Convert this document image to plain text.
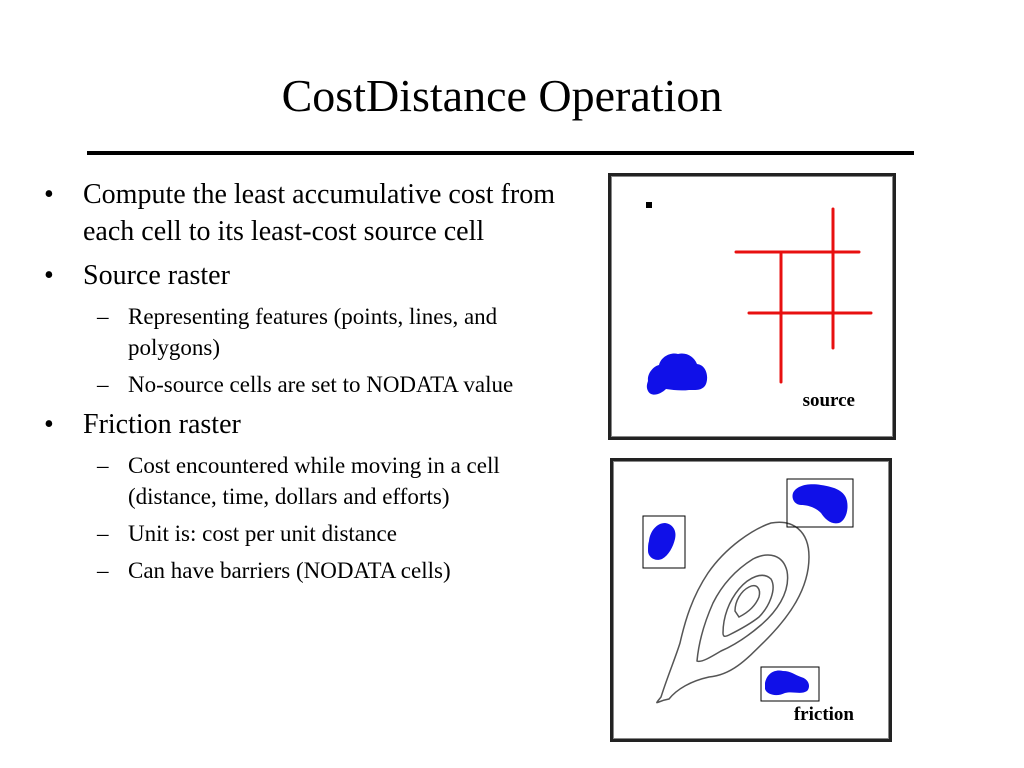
CostDistance Operation
• Compute the least accumulative cost from each cell to its least-cost source cell
• Source raster
– Representing features (points, lines, and polygons)
– No-source cells are set to NODATA value
• Friction raster
– Cost encountered while moving in a cell (distance, time, dollars and efforts)
– Unit is: cost per unit distance
– Can have barriers (NODATA cells)
source
friction
